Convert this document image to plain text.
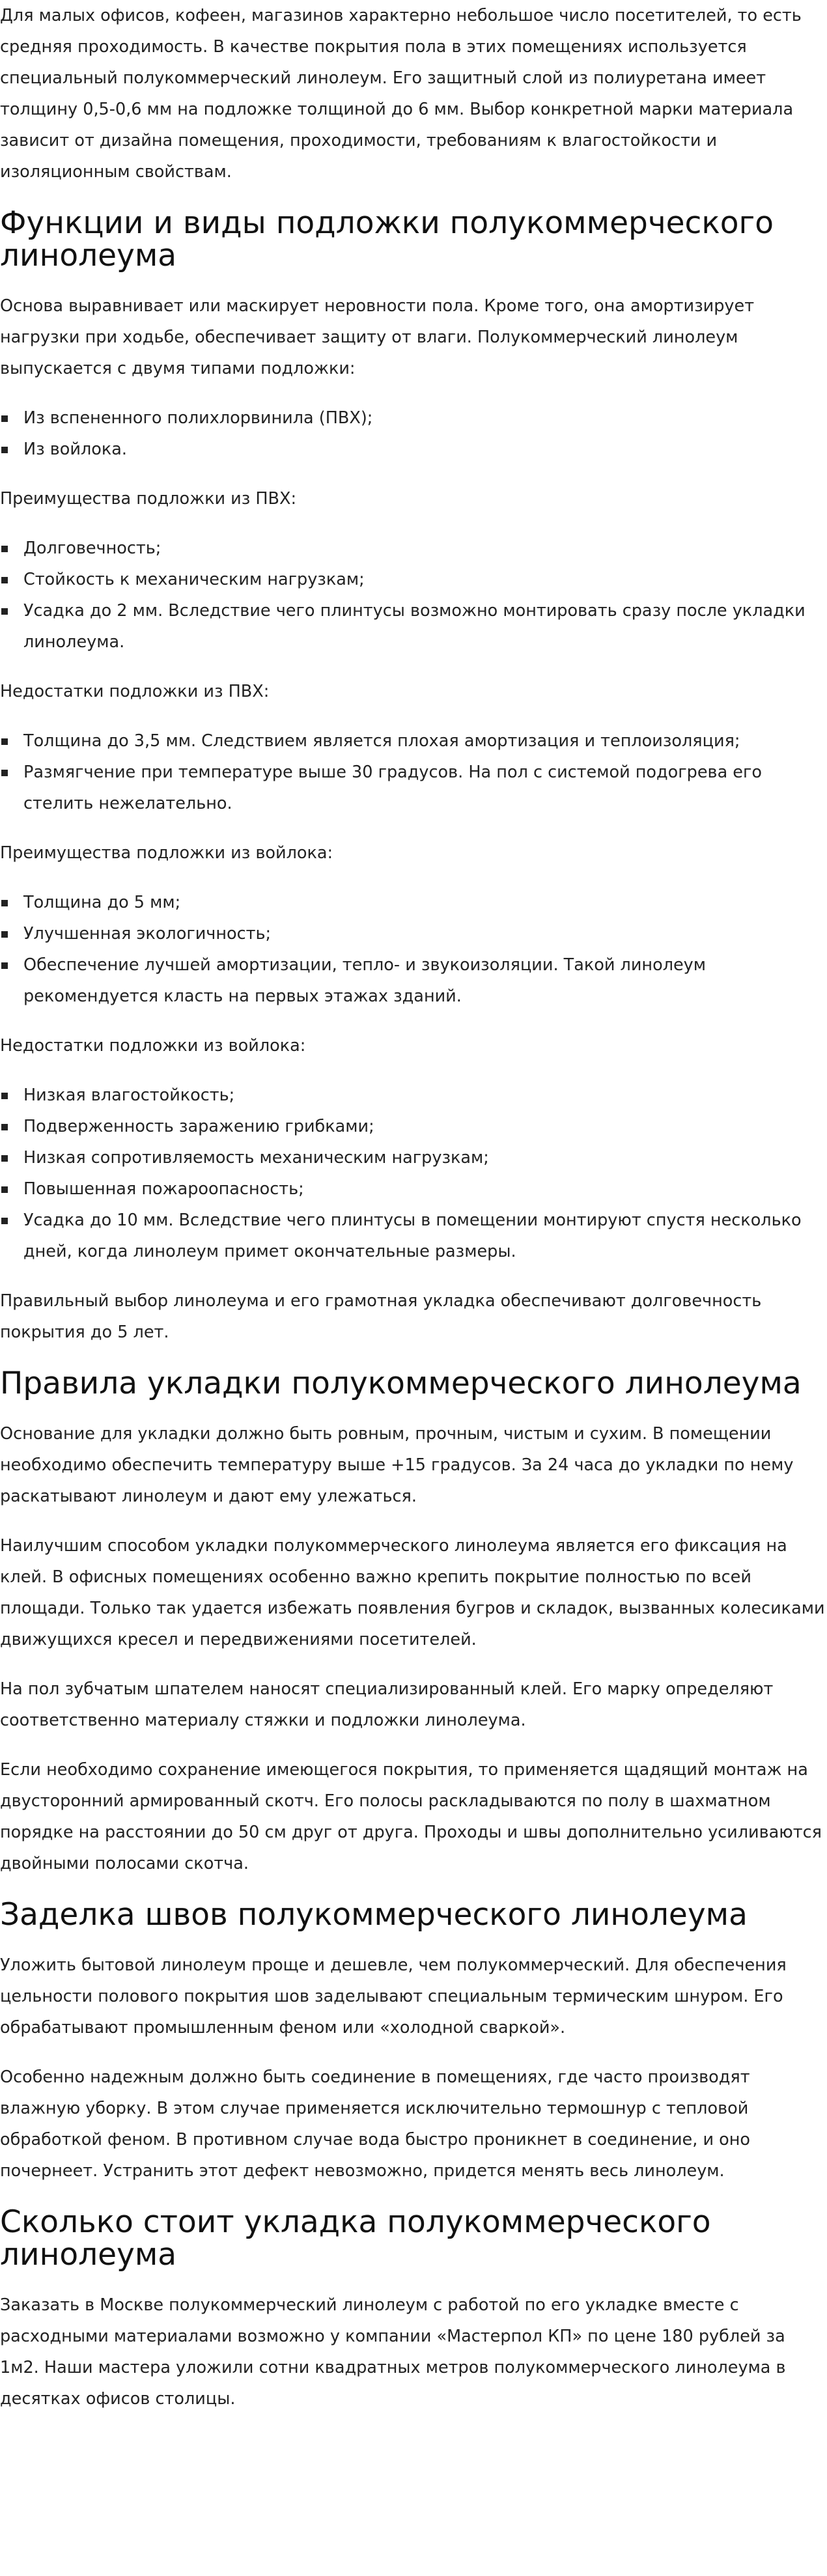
Для малых офисов, кофеен, магазинов характерно небольшое число посетителей, то есть средняя проходимость. В качестве покрытия пола в этих помещениях используется специальный полукоммерческий линолеум. Его защитный слой из полиуретана имеет толщину 0,5-0,6 мм на подложке толщиной до 6 мм. Выбор конкретной марки материала зависит от дизайна помещения, проходимости, требованиям к влагостойкости и изоляционным свойствам.

Функции и виды подложки полукоммерческого линолеума

Основа выравнивает или маскирует неровности пола. Кроме того, она амортизирует нагрузки при ходьбе, обеспечивает защиту от влаги. Полукоммерческий линолеум выпускается с двумя типами подложки:

Из вспененного полихлорвинила (ПВХ);
Из войлока.

Преимущества подложки из ПВХ:

Долговечность;
Стойкость к механическим нагрузкам;
Усадка до 2 мм. Вследствие чего плинтусы возможно монтировать сразу после укладки линолеума.

Недостатки подложки из ПВХ:

Толщина до 3,5 мм. Следствием является плохая амортизация и теплоизоляция;
Размягчение при температуре выше 30 градусов. На пол с системой подогрева его стелить нежелательно.

Преимущества подложки из войлока:

Толщина до 5 мм;
Улучшенная экологичность;
Обеспечение лучшей амортизации, тепло- и звукоизоляции. Такой линолеум рекомендуется класть на первых этажах зданий.

Недостатки подложки из войлока:

Низкая влагостойкость;
Подверженность заражению грибками;
Низкая сопротивляемость механическим нагрузкам;
Повышенная пожароопасность;
Усадка до 10 мм. Вследствие чего плинтусы в помещении монтируют спустя несколько дней, когда линолеум примет окончательные размеры.

Правильный выбор линолеума и его грамотная укладка обеспечивают долговечность покрытия до 5 лет.

Правила укладки полукоммерческого линолеума

Основание для укладки должно быть ровным, прочным, чистым и сухим. В помещении необходимо обеспечить температуру выше +15 градусов. За 24 часа до укладки по нему раскатывают линолеум и дают ему улежаться.

Наилучшим способом укладки полукоммерческого линолеума является его фиксация на клей. В офисных помещениях особенно важно крепить покрытие полностью по всей площади. Только так удается избежать появления бугров и складок, вызванных колесиками движущихся кресел и передвижениями посетителей.

На пол зубчатым шпателем наносят специализированный клей. Его марку определяют соответственно материалу стяжки и подложки линолеума.

Если необходимо сохранение имеющегося покрытия, то применяется щадящий монтаж на двусторонний армированный скотч. Его полосы раскладываются по полу в шахматном порядке на расстоянии до 50 см друг от друга. Проходы и швы дополнительно усиливаются двойными полосами скотча.

Заделка швов полукоммерческого линолеума

Уложить бытовой линолеум проще и дешевле, чем полукоммерческий. Для обеспечения цельности полового покрытия шов заделывают специальным термическим шнуром. Его обрабатывают промышленным феном или «холодной сваркой».

Особенно надежным должно быть соединение в помещениях, где часто производят влажную уборку. В этом случае применяется исключительно термошнур с тепловой обработкой феном. В противном случае вода быстро проникнет в соединение, и оно почернеет. Устранить этот дефект невозможно, придется менять весь линолеум.

Сколько стоит укладка полукоммерческого линолеума

Заказать в Москве полукоммерческий линолеум с работой по его укладке вместе с расходными материалами возможно у компании «Мастерпол КП» по цене 180 рублей за 1м2. Наши мастера уложили сотни квадратных метров полукоммерческого линолеума в десятках офисов столицы.
